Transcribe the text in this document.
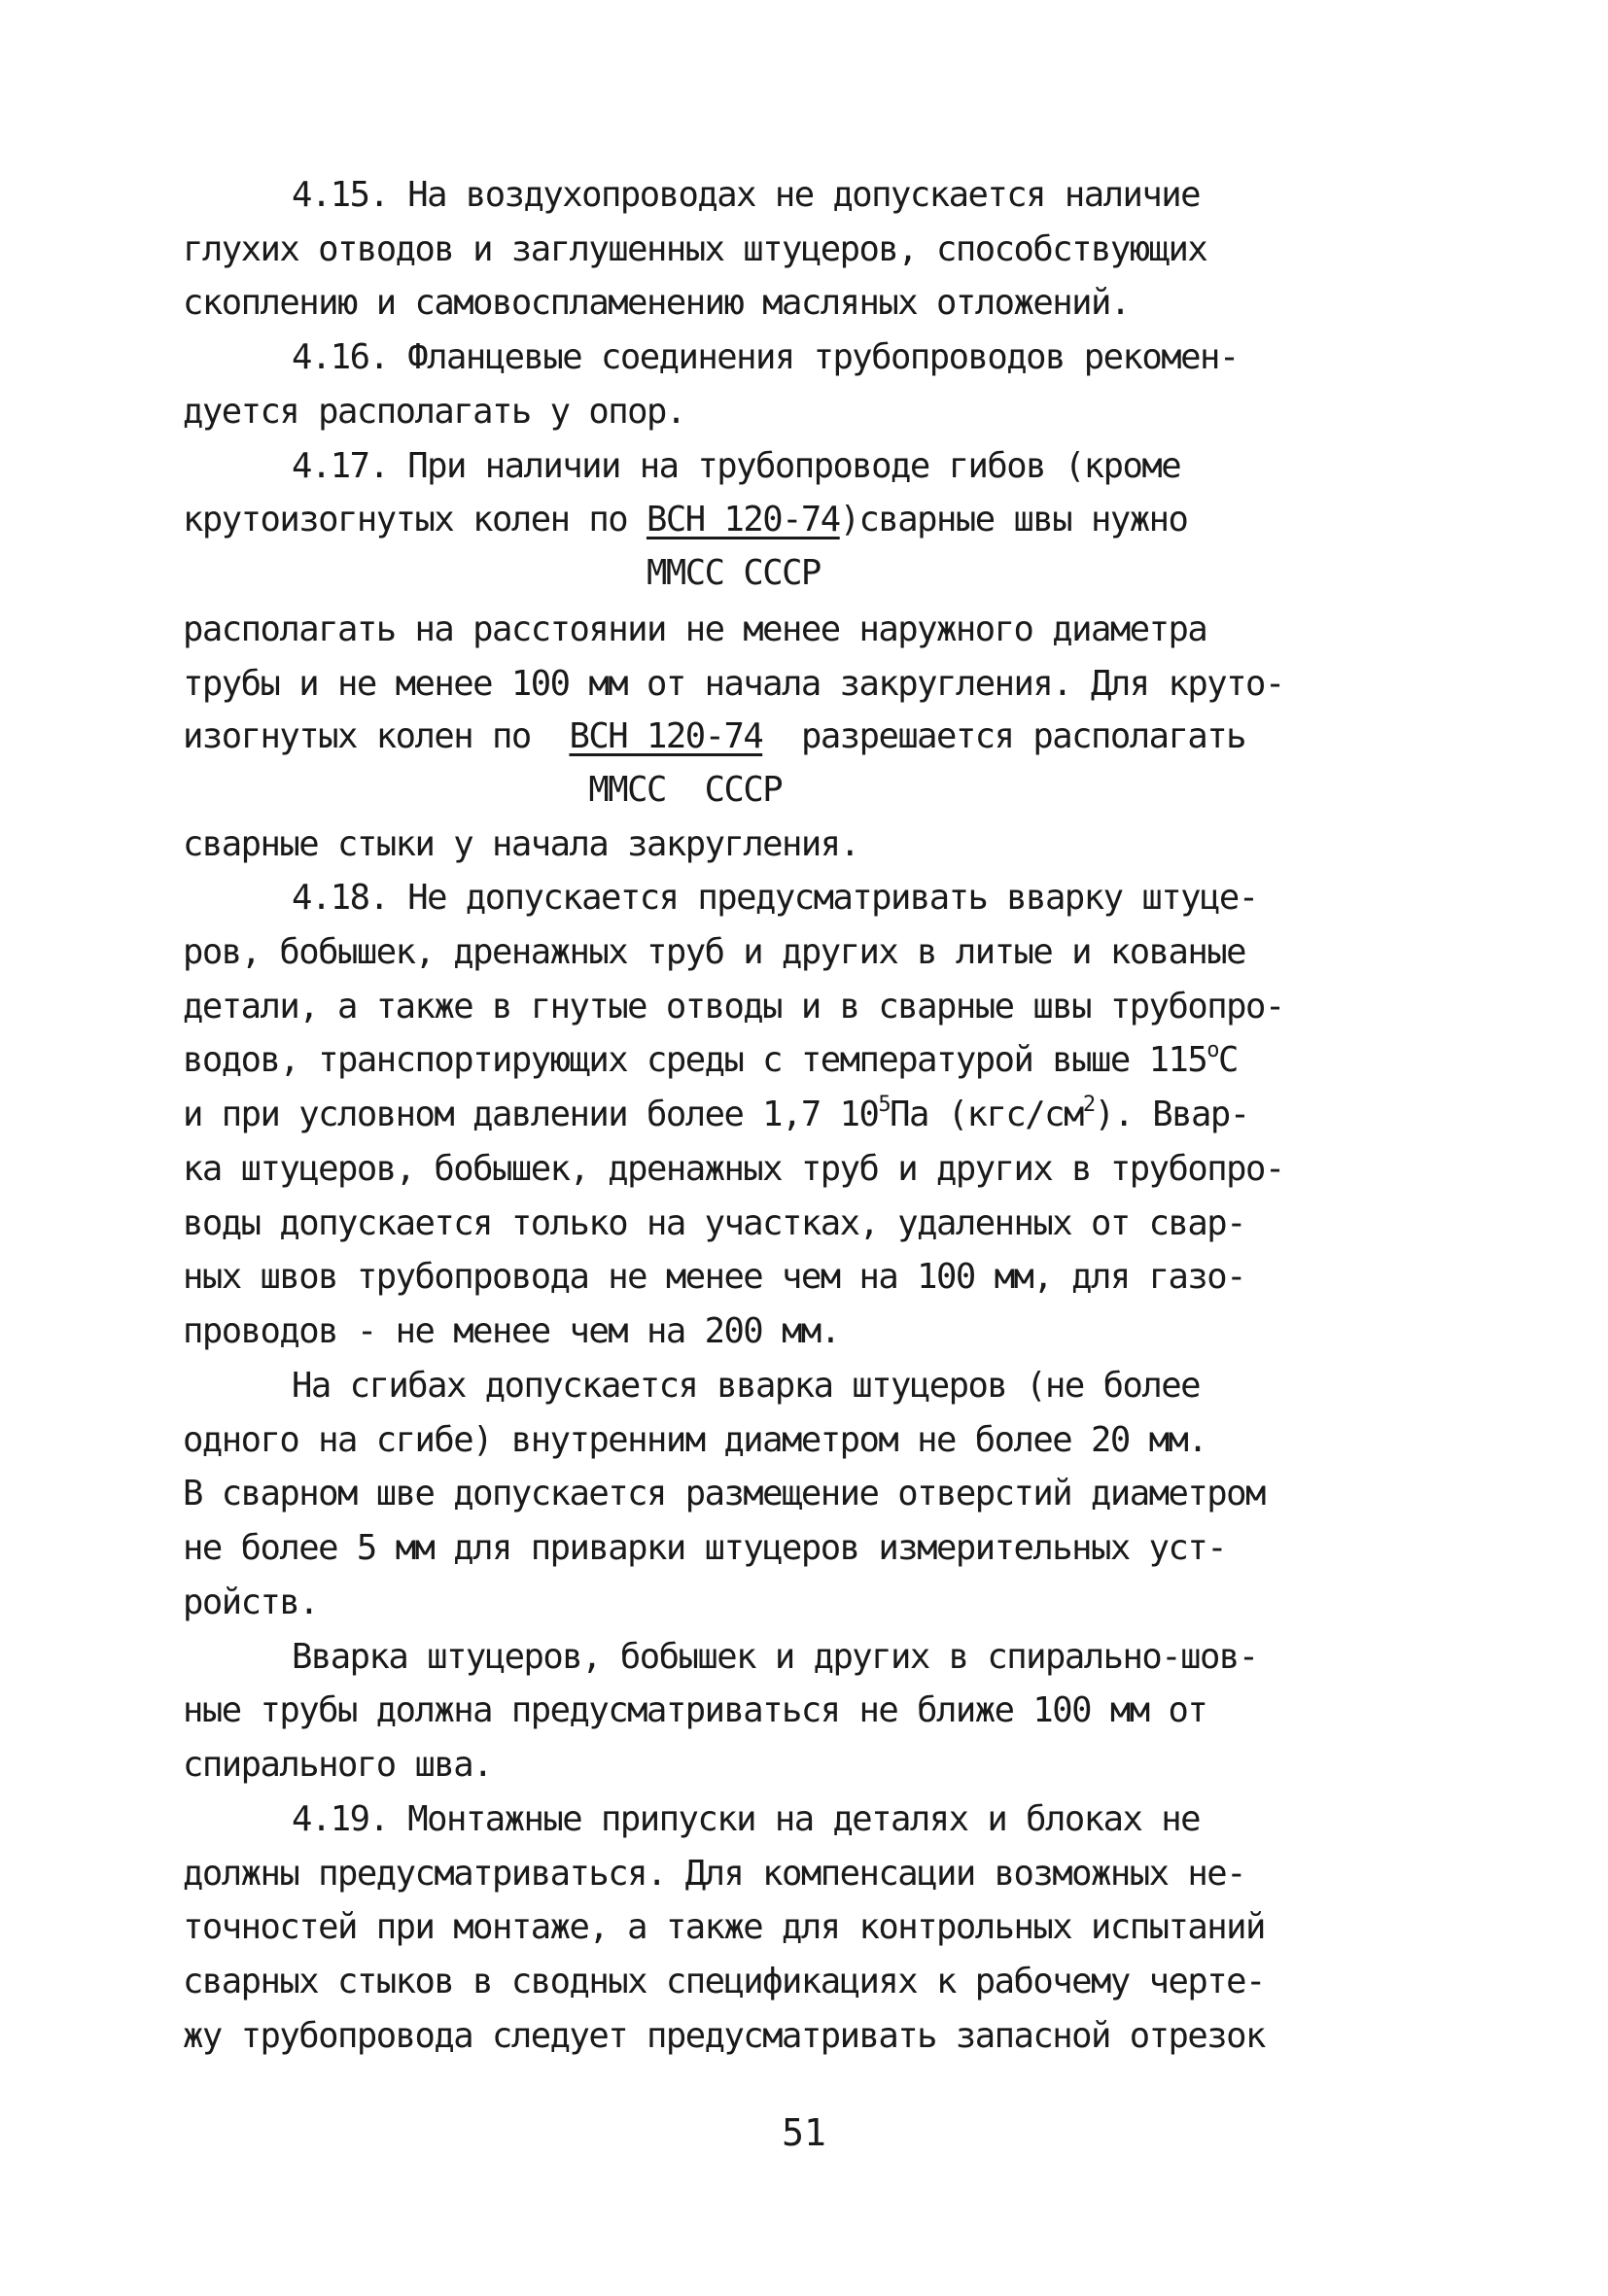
4.15. На воздухопроводах не допускается наличие
глухих отводов и заглушенных штуцеров, способствующих
скоплению и самовоспламенению масляных отложений.
4.16. Фланцевые соединения трубопроводов рекомен-
дуется располагать у опор.
4.17. При наличии на трубопроводе гибов (кроме
крутоизогнутых колен по $\frac{\text{ВСН 120-74}}{\text{ММСС СССР}}$ )сварные швы нужно
располагать на расстоянии не менее наружного диаметра
трубы и не менее 100 мм от начала закругления. Для круто-
изогнутых колен по $\frac{\text{ВСН 120-74}}{\text{ММСС  СССР}}$ разрешается располагать
сварные стыки у начала закругления.
4.18. Не допускается предусматривать вварку штуце-
ров, бобышек, дренажных труб и других в литые и кованые
детали, а также в гнутые отводы и в сварные швы трубопро-
водов, транспортирующих среды с температурой выше 115$^o$C
и при условном давлении более 1,7 $10^5Па$ $(кгс/см^2)$. Ввар-
ка штуцеров, бобышек, дренажных труб и других в трубопро-
воды допускается только на участках, удаленных от свар-
ных швов трубопровода не менее чем на 100 мм, для газо-
проводов - не менее чем на 200 мм.
На сгибах допускается вварка штуцеров (не более
одного на сгибе) внутренним диаметром не более 20 мм.
В сварном шве допускается размещение отверстий диаметром
не более 5 мм для приварки штуцеров измерительных уст-
ройств.
Вварка штуцеров, бобышек и других в спирально-шов-
ные трубы должна предусматриваться не ближе 100 мм от
спирального шва.
4.19. Монтажные припуски на деталях и блоках не
должны предусматриваться. Для компенсации возможных не-
точностей при монтаже, а также для контрольных испытаний
сварных стыков в сводных спецификациях к рабочему черте-
жу трубопровода следует предусматривать запасной отрезок
51
